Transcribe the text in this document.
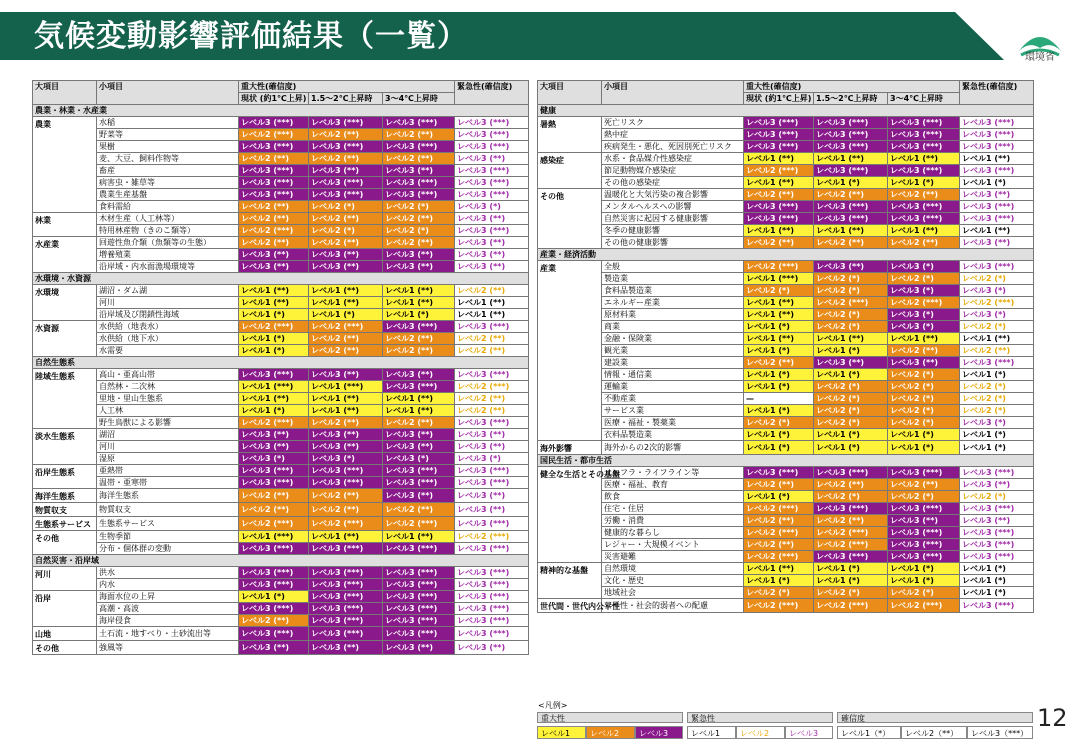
気候変動影響評価結果（一覧）
環境省
大項目	小項目	重大性(確信度)			緊急性(確信度)
		現状 (約1℃上昇)	1.5～2℃上昇時	3～4℃上昇時	
農業・林業・水産業					
農業	水稲	レベル3 (***)	レベル3 (***)	レベル3 (***)	レベル3 (***)
	野菜等	レベル2 (***)	レベル2 (**)	レベル2 (**)	レベル3 (***)
	果樹	レベル3 (***)	レベル3 (***)	レベル3 (***)	レベル3 (***)
	麦、大豆、飼料作物等	レベル2 (**)	レベル2 (**)	レベル2 (**)	レベル3 (**)
	畜産	レベル3 (***)	レベル3 (**)	レベル3 (**)	レベル3 (***)
	病害虫・雑草等	レベル3 (***)	レベル3 (***)	レベル3 (***)	レベル3 (***)
	農業生産基盤	レベル3 (***)	レベル3 (***)	レベル3 (***)	レベル3 (***)
	食料需給	レベル2 (**)	レベル2 (*)	レベル2 (*)	レベル3 (*)
林業	木材生産（人工林等）	レベル2 (**)	レベル2 (**)	レベル2 (**)	レベル3 (**)
	特用林産物（きのこ類等）	レベル2 (***)	レベル2 (*)	レベル2 (*)	レベル3 (***)
水産業	回遊性魚介類（魚類等の生態）	レベル2 (**)	レベル2 (**)	レベル2 (**)	レベル3 (**)
	増養殖業	レベル3 (**)	レベル3 (**)	レベル3 (**)	レベル3 (**)
	沿岸域・内水面漁場環境等	レベル3 (**)	レベル3 (**)	レベル3 (**)	レベル3 (**)
水環境・水資源					
水環境	湖沼・ダム湖	レベル1 (**)	レベル1 (**)	レベル1 (**)	レベル2 (**)
	河川	レベル1 (**)	レベル1 (**)	レベル1 (**)	レベル1 (**)
	沿岸域及び閉鎖性海域	レベル1 (*)	レベル1 (*)	レベル1 (*)	レベル1 (**)
水資源	水供給（地表水）	レベル2 (***)	レベル2 (***)	レベル3 (***)	レベル3 (***)
	水供給（地下水）	レベル1 (*)	レベル2 (**)	レベル2 (**)	レベル2 (**)
	水需要	レベル1 (*)	レベル2 (**)	レベル2 (**)	レベル2 (**)
自然生態系					
陸域生態系	高山・亜高山帯	レベル3 (***)	レベル3 (**)	レベル3 (**)	レベル3 (***)
	自然林・二次林	レベル1 (***)	レベル1 (***)	レベル3 (***)	レベル2 (***)
	里地・里山生態系	レベル1 (**)	レベル1 (**)	レベル1 (**)	レベル2 (**)
	人工林	レベル1 (*)	レベル1 (**)	レベル1 (**)	レベル2 (**)
	野生鳥獣による影響	レベル2 (***)	レベル2 (**)	レベル2 (**)	レベル3 (***)
淡水生態系	湖沼	レベル3 (**)	レベル3 (**)	レベル3 (**)	レベル3 (**)
	河川	レベル3 (**)	レベル3 (**)	レベル3 (**)	レベル3 (**)
	湿原	レベル3 (*)	レベル3 (*)	レベル3 (*)	レベル3 (*)
沿岸生態系	亜熱帯	レベル3 (***)	レベル3 (***)	レベル3 (***)	レベル3 (***)
	温帯・亜寒帯	レベル3 (***)	レベル3 (***)	レベル3 (***)	レベル3 (***)
海洋生態系	海洋生態系	レベル2 (**)	レベル2 (**)	レベル3 (**)	レベル3 (**)
物質収支	物質収支	レベル2 (**)	レベル2 (**)	レベル2 (**)	レベル3 (**)
生態系サービス	生態系サービス	レベル2 (***)	レベル2 (***)	レベル2 (***)	レベル3 (***)
その他	生物季節	レベル1 (***)	レベル1 (**)	レベル1 (**)	レベル2 (***)
	分布・個体群の変動	レベル3 (***)	レベル3 (***)	レベル3 (***)	レベル3 (***)
自然災害・沿岸域					
河川	洪水	レベル3 (***)	レベル3 (***)	レベル3 (***)	レベル3 (***)
	内水	レベル3 (***)	レベル3 (***)	レベル3 (***)	レベル3 (***)
沿岸	海面水位の上昇	レベル1 (*)	レベル3 (***)	レベル3 (***)	レベル3 (***)
	高潮・高波	レベル3 (***)	レベル3 (***)	レベル3 (***)	レベル3 (***)
	海岸侵食	レベル2 (**)	レベル3 (***)	レベル3 (***)	レベル3 (***)
山地	土石流・地すべり・土砂流出等	レベル3 (***)	レベル3 (***)	レベル3 (***)	レベル3 (***)
その他	強風等	レベル3 (**)	レベル3 (**)	レベル3 (**)	レベル3 (**)
大項目	小項目	重大性(確信度)			緊急性(確信度)
		現状 (約1℃上昇)	1.5～2℃上昇時	3～4℃上昇時	
健康					
暑熱	死亡リスク	レベル3 (***)	レベル3 (***)	レベル3 (***)	レベル3 (***)
	熱中症	レベル3 (***)	レベル3 (***)	レベル3 (***)	レベル3 (***)
	疾病発生・悪化、死因別死亡リスク	レベル3 (***)	レベル3 (***)	レベル3 (***)	レベル3 (***)
感染症	水系・食品媒介性感染症	レベル1 (**)	レベル1 (**)	レベル1 (**)	レベル1 (**)
	節足動物媒介感染症	レベル2 (***)	レベル3 (***)	レベル3 (***)	レベル3 (***)
	その他の感染症	レベル1 (**)	レベル1 (*)	レベル1 (*)	レベル1 (*)
その他	温暖化と大気汚染の複合影響	レベル2 (**)	レベル2 (**)	レベル2 (**)	レベル3 (**)
	メンタルヘルスへの影響	レベル3 (***)	レベル3 (***)	レベル3 (***)	レベル3 (***)
	自然災害に起因する健康影響	レベル3 (***)	レベル3 (***)	レベル3 (***)	レベル3 (***)
	冬季の健康影響	レベル1 (**)	レベル1 (**)	レベル1 (**)	レベル1 (**)
	その他の健康影響	レベル2 (**)	レベル2 (**)	レベル2 (**)	レベル3 (**)
産業・経済活動					
産業	全般	レベル2 (***)	レベル3 (**)	レベル3 (*)	レベル3 (***)
	製造業	レベル1 (***)	レベル2 (*)	レベル2 (*)	レベル2 (*)
	食料品製造業	レベル2 (*)	レベル2 (*)	レベル3 (*)	レベル3 (*)
	エネルギー産業	レベル1 (**)	レベル2 (***)	レベル2 (***)	レベル2 (***)
	原材料業	レベル1 (**)	レベル2 (*)	レベル3 (*)	レベル3 (*)
	商業	レベル1 (*)	レベル2 (*)	レベル3 (*)	レベル2 (*)
	金融・保険業	レベル1 (**)	レベル1 (**)	レベル1 (**)	レベル1 (**)
	観光業	レベル1 (*)	レベル1 (*)	レベル2 (**)	レベル2 (**)
	建設業	レベル2 (**)	レベル3 (**)	レベル3 (**)	レベル3 (***)
	情報・通信業	レベル1 (*)	レベル1 (*)	レベル2 (*)	レベル1 (*)
	運輸業	レベル1 (*)	レベル2 (*)	レベル2 (*)	レベル2 (*)
	不動産業	—	レベル2 (*)	レベル2 (*)	レベル2 (*)
	サービス業	レベル1 (*)	レベル2 (*)	レベル2 (*)	レベル2 (*)
	医療・福祉・製薬業	レベル2 (*)	レベル2 (*)	レベル2 (*)	レベル3 (*)
	衣料品製造業	レベル1 (*)	レベル1 (*)	レベル1 (*)	レベル1 (*)
海外影響	海外からの2次的影響	レベル1 (*)	レベル1 (*)	レベル1 (*)	レベル1 (*)
国民生活・都市生活					
健全な生活とその基盤	インフラ・ライフライン等	レベル3 (***)	レベル3 (***)	レベル3 (***)	レベル3 (***)
	医療・福祉、教育	レベル2 (**)	レベル2 (**)	レベル2 (**)	レベル3 (**)
	飲食	レベル1 (*)	レベル2 (*)	レベル2 (*)	レベル2 (*)
	住宅・住居	レベル2 (***)	レベル3 (***)	レベル3 (***)	レベル3 (***)
	労働・消費	レベル2 (**)	レベル2 (**)	レベル3 (**)	レベル3 (**)
	健康的な暮らし	レベル2 (***)	レベル2 (***)	レベル3 (***)	レベル3 (***)
	レジャー・大規模イベント	レベル2 (**)	レベル2 (***)	レベル3 (***)	レベル3 (***)
	災害避難	レベル2 (***)	レベル3 (***)	レベル3 (***)	レベル3 (***)
精神的な基盤	自然環境	レベル1 (**)	レベル1 (*)	レベル1 (*)	レベル1 (*)
	文化・歴史	レベル1 (*)	レベル1 (*)	レベル1 (*)	レベル1 (*)
	地域社会	レベル2 (*)	レベル2 (*)	レベル2 (*)	レベル1 (*)
世代間・世代内公平性	公平性・社会的弱者への配慮	レベル2 (***)	レベル2 (***)	レベル2 (***)	レベル3 (***)
<凡例>
重大性
レベル1	レベル2	レベル3
緊急性
レベル1	レベル2	レベル3
確信度
レベル1（*）	レベル2（**）	レベル3（***）
12
